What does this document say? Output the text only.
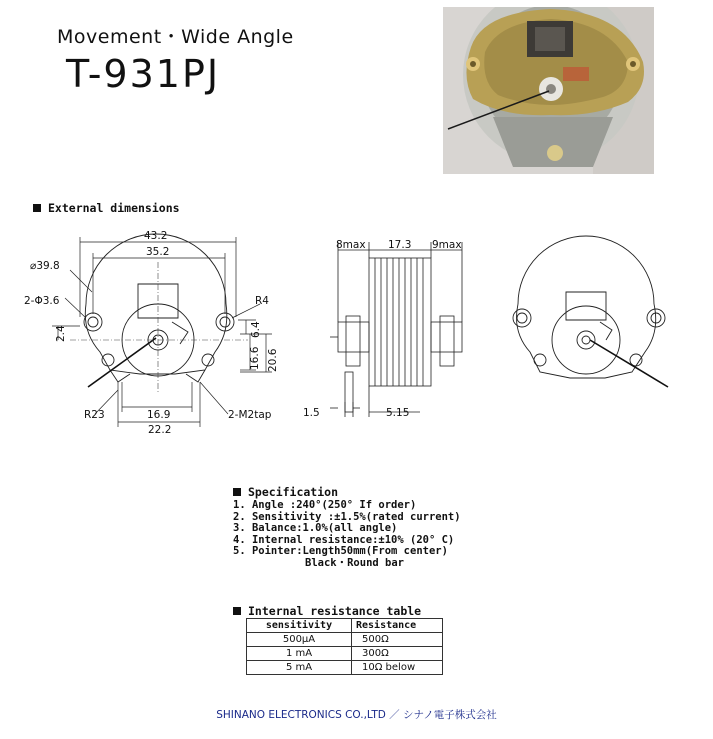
Movement・Wide Angle
T-931PJ
External dimensions
43.2
35.2
⌀39.8
2-Φ3.6	R4
2.4	6.4
16.6 20.6
R23	16.9	2-M2tap
22.2
8max 17.3 9max
1.5	5.15
Specification
1. Angle :240°(250° If order)
2. Sensitivity :±1.5%(rated current)
3. Balance:1.0%(all angle)
4. Internal resistance:±10% (20° C)
5. Pointer:Length50mm(From center)
Black・Round bar
Internal resistance table
sensitivity	Resistance
500μA	500Ω
1 mA	300Ω
5 mA	10Ω below
SHINANO ELECTRONICS CO.,LTD ／ シナノ電子株式会社
